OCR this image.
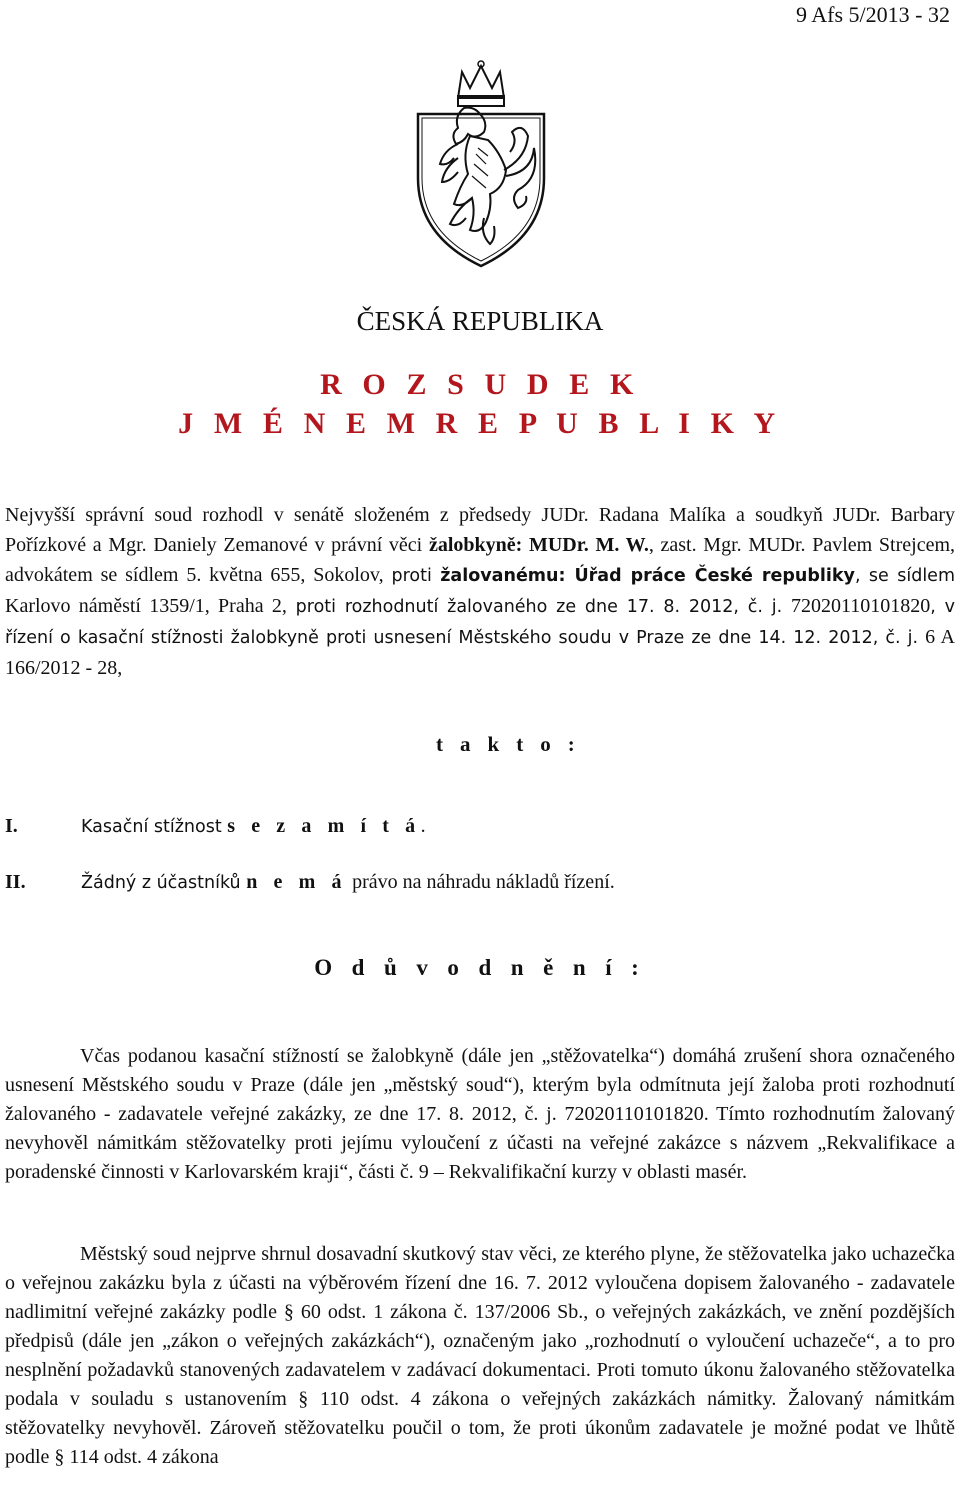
9 Afs 5/2013 - 32
ČESKÁ REPUBLIKA
R O Z S U D E K
J M É N E M R E P U B L I K Y

Nejvyšší správní soud rozhodl v senátě složeném z předsedy JUDr. Radana Malíka a soudkyň JUDr. Barbary Pořízkové a Mgr. Daniely Zemanové v právní věci žalobkyně: MUDr. M. W., zast. Mgr. MUDr. Pavlem Strejcem, advokátem se sídlem 5. května 655, Sokolov, proti žalovanému: Úřad práce České republiky, se sídlem Karlovo náměstí 1359/1, Praha 2, proti rozhodnutí žalovaného ze dne 17. 8. 2012, č. j. 72020110101820, v řízení o kasační stížnosti žalobkyně proti usnesení Městského soudu v Praze ze dne 14. 12. 2012, č. j. 6 A 166/2012 - 28,

t a k t o :
I.	Kasační stížnost s e z a m í t á.
II.	Žádný z účastníků n e m á právo na náhradu nákladů řízení.
O d ů v o d n ě n í :

Včas podanou kasační stížností se žalobkyně (dále jen „stěžovatelka“) domáhá zrušení shora označeného usnesení Městského soudu v Praze (dále jen „městský soud“), kterým byla odmítnuta její žaloba proti rozhodnutí žalovaného - zadavatele veřejné zakázky, ze dne 17. 8. 2012, č. j. 72020110101820. Tímto rozhodnutím žalovaný nevyhověl námitkám stěžovatelky proti jejímu vyloučení z účasti na veřejné zakázce s názvem „Rekvalifikace a poradenské činnosti v Karlovarském kraji“, části č. 9 – Rekvalifikační kurzy v oblasti masér.

Městský soud nejprve shrnul dosavadní skutkový stav věci, ze kterého plyne, že stěžovatelka jako uchazečka o veřejnou zakázku byla z účasti na výběrovém řízení dne 16. 7. 2012 vyloučena dopisem žalovaného - zadavatele nadlimitní veřejné zakázky podle § 60 odst. 1 zákona č. 137/2006 Sb., o veřejných zakázkách, ve znění pozdějších předpisů (dále jen „zákon o veřejných zakázkách“), označeným jako „rozhodnutí o vyloučení uchazeče“, a to pro nesplnění požadavků stanovených zadavatelem v zadávací dokumentaci. Proti tomuto úkonu žalovaného stěžovatelka podala v souladu s ustanovením § 110 odst. 4 zákona o veřejných zakázkách námitky. Žalovaný námitkám stěžovatelky nevyhověl. Zároveň stěžovatelku poučil o tom, že proti úkonům zadavatele je možné podat ve lhůtě podle § 114 odst. 4 zákona
